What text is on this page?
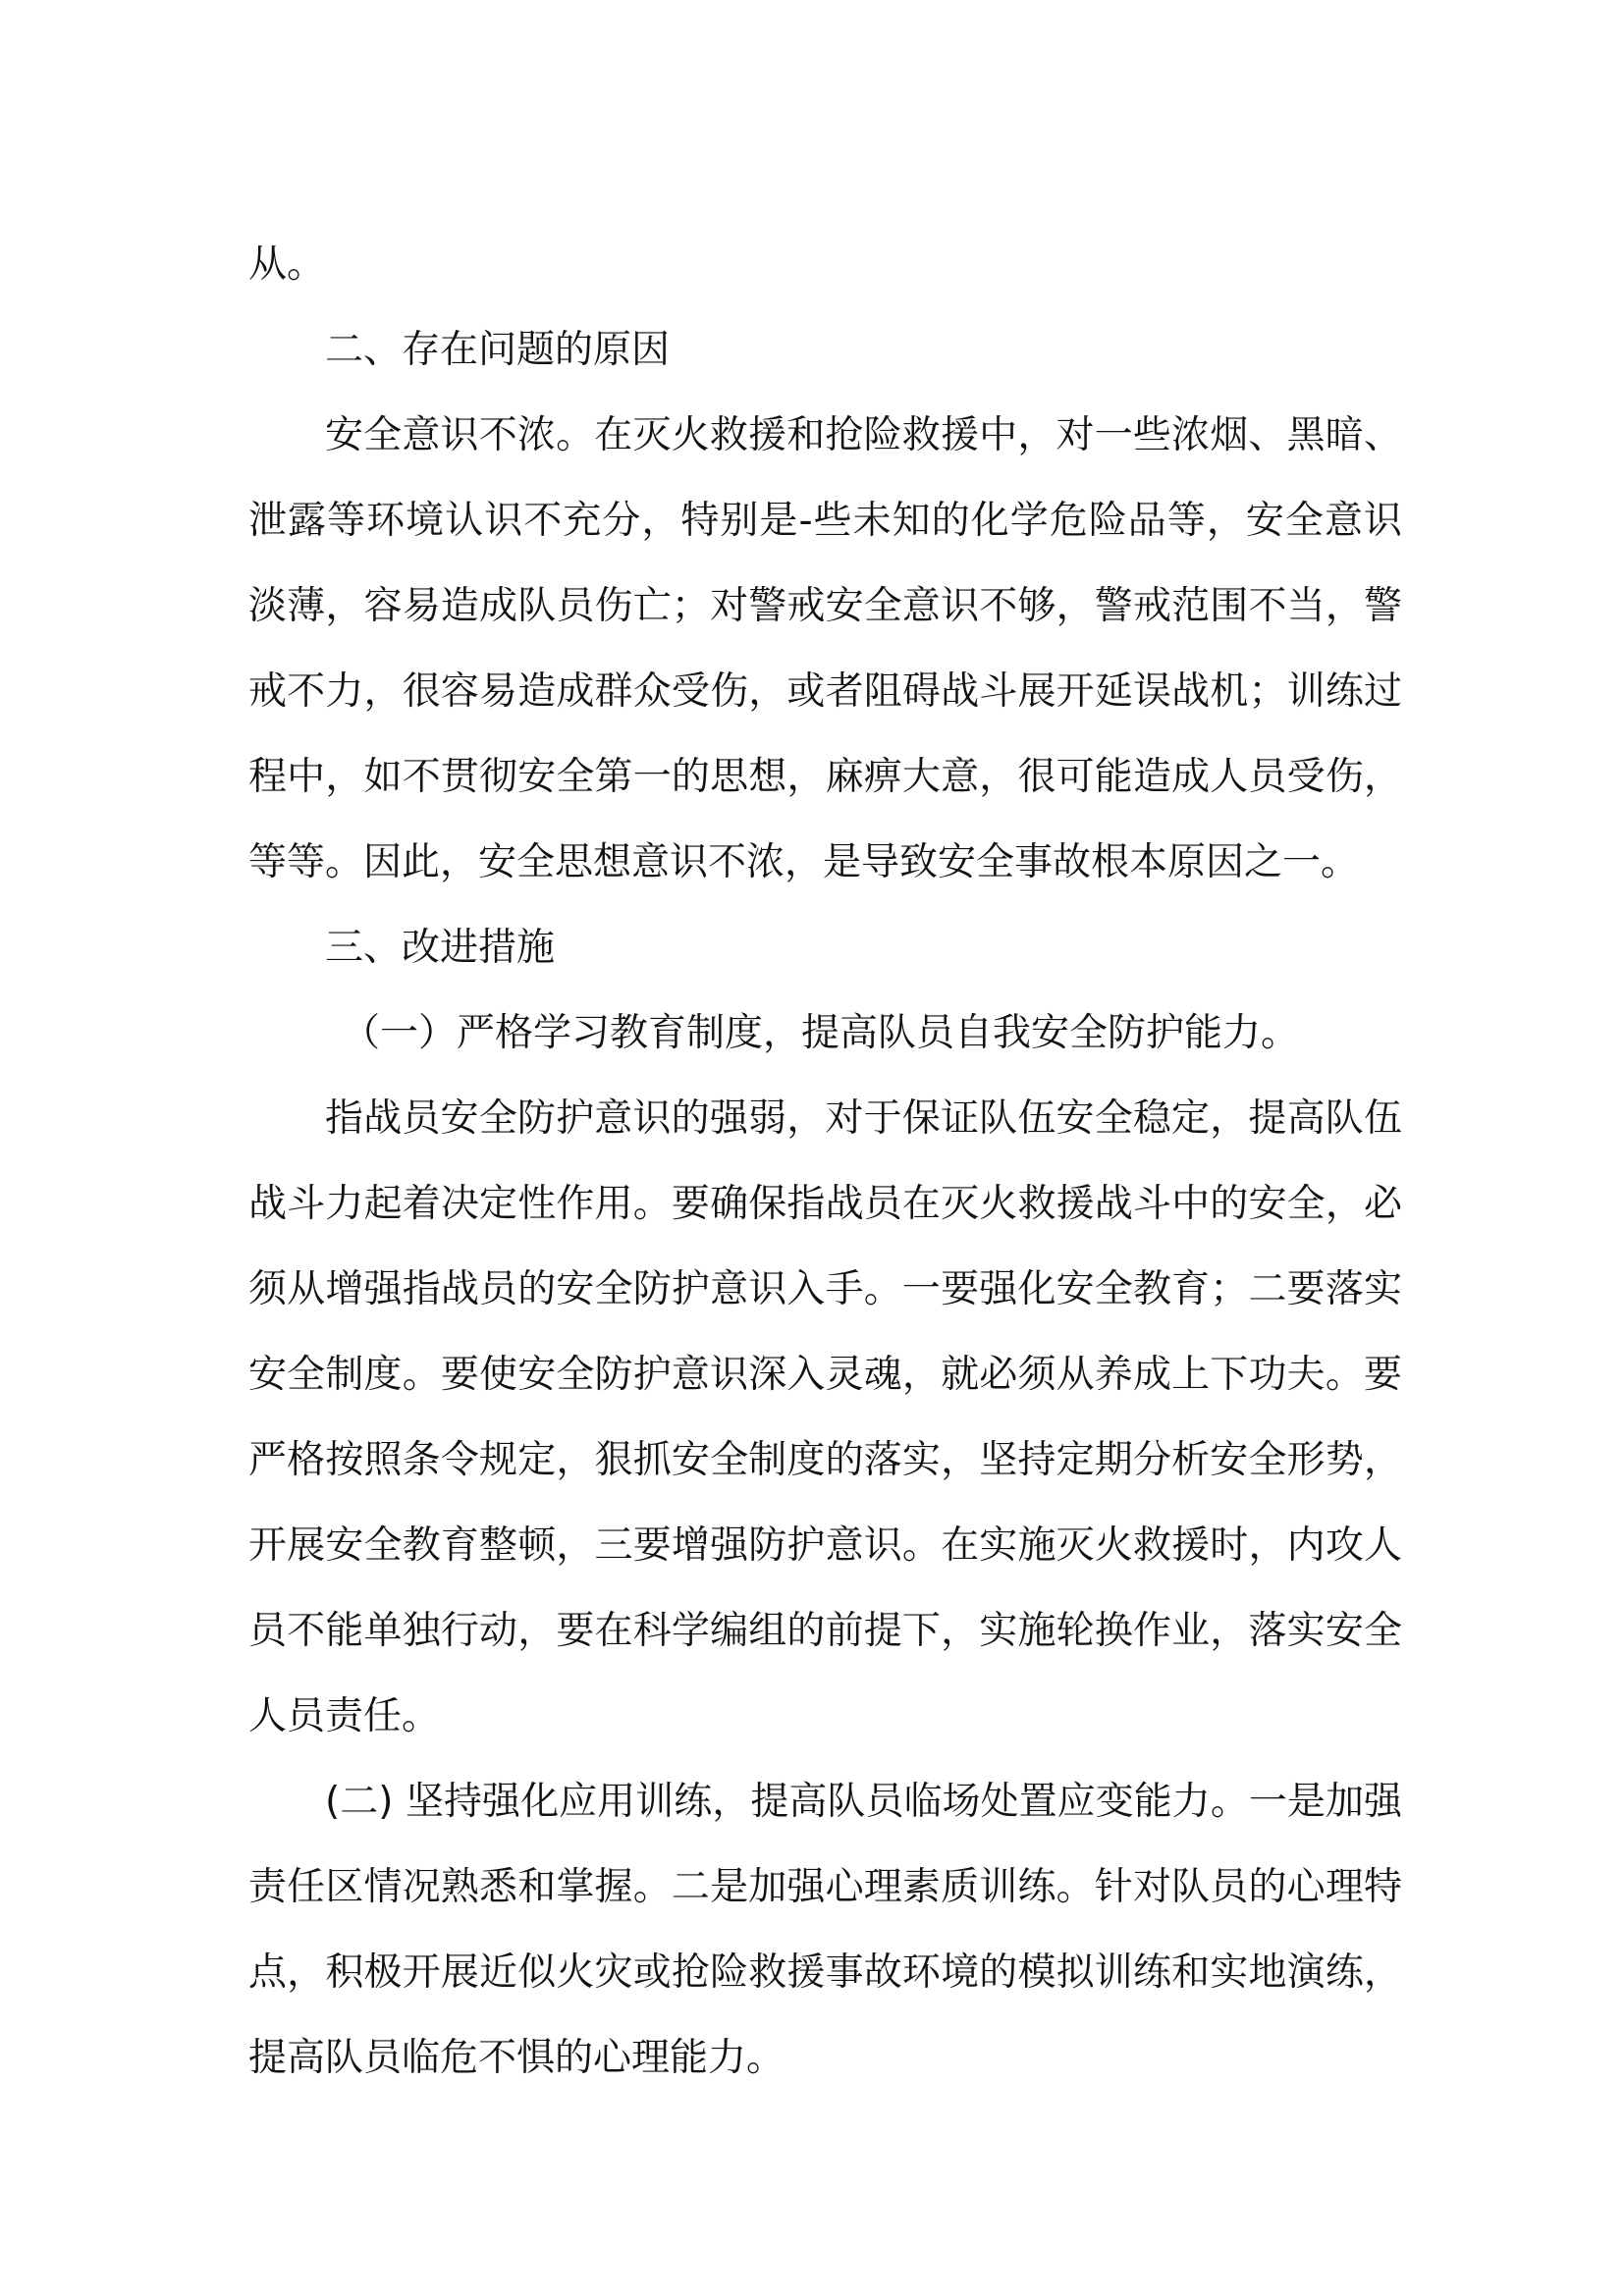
从。

二、存在问题的原因

安全意识不浓。在灭火救援和抢险救援中，对一些浓烟、黑暗、泄露等环境认识不充分，特别是-些未知的化学危险品等，安全意识淡薄，容易造成队员伤亡；对警戒安全意识不够，警戒范围不当，警戒不力，很容易造成群众受伤，或者阻碍战斗展开延误战机；训练过程中，如不贯彻安全第一的思想，麻痹大意，很可能造成人员受伤，等等。因此，安全思想意识不浓，是导致安全事故根本原因之一。

三、改进措施

（一）严格学习教育制度，提高队员自我安全防护能力。

指战员安全防护意识的强弱，对于保证队伍安全稳定，提高队伍战斗力起着决定性作用。要确保指战员在灭火救援战斗中的安全，必须从增强指战员的安全防护意识入手。一要强化安全教育；二要落实安全制度。要使安全防护意识深入灵魂，就必须从养成上下功夫。要严格按照条令规定，狠抓安全制度的落实，坚持定期分析安全形势，开展安全教育整顿，三要增强防护意识。在实施灭火救援时，内攻人员不能单独行动，要在科学编组的前提下，实施轮换作业，落实安全人员责任。

(二) 坚持强化应用训练，提高队员临场处置应变能力。一是加强责任区情况熟悉和掌握。二是加强心理素质训练。针对队员的心理特点，积极开展近似火灾或抢险救援事故环境的模拟训练和实地演练，提高队员临危不惧的心理能力。
